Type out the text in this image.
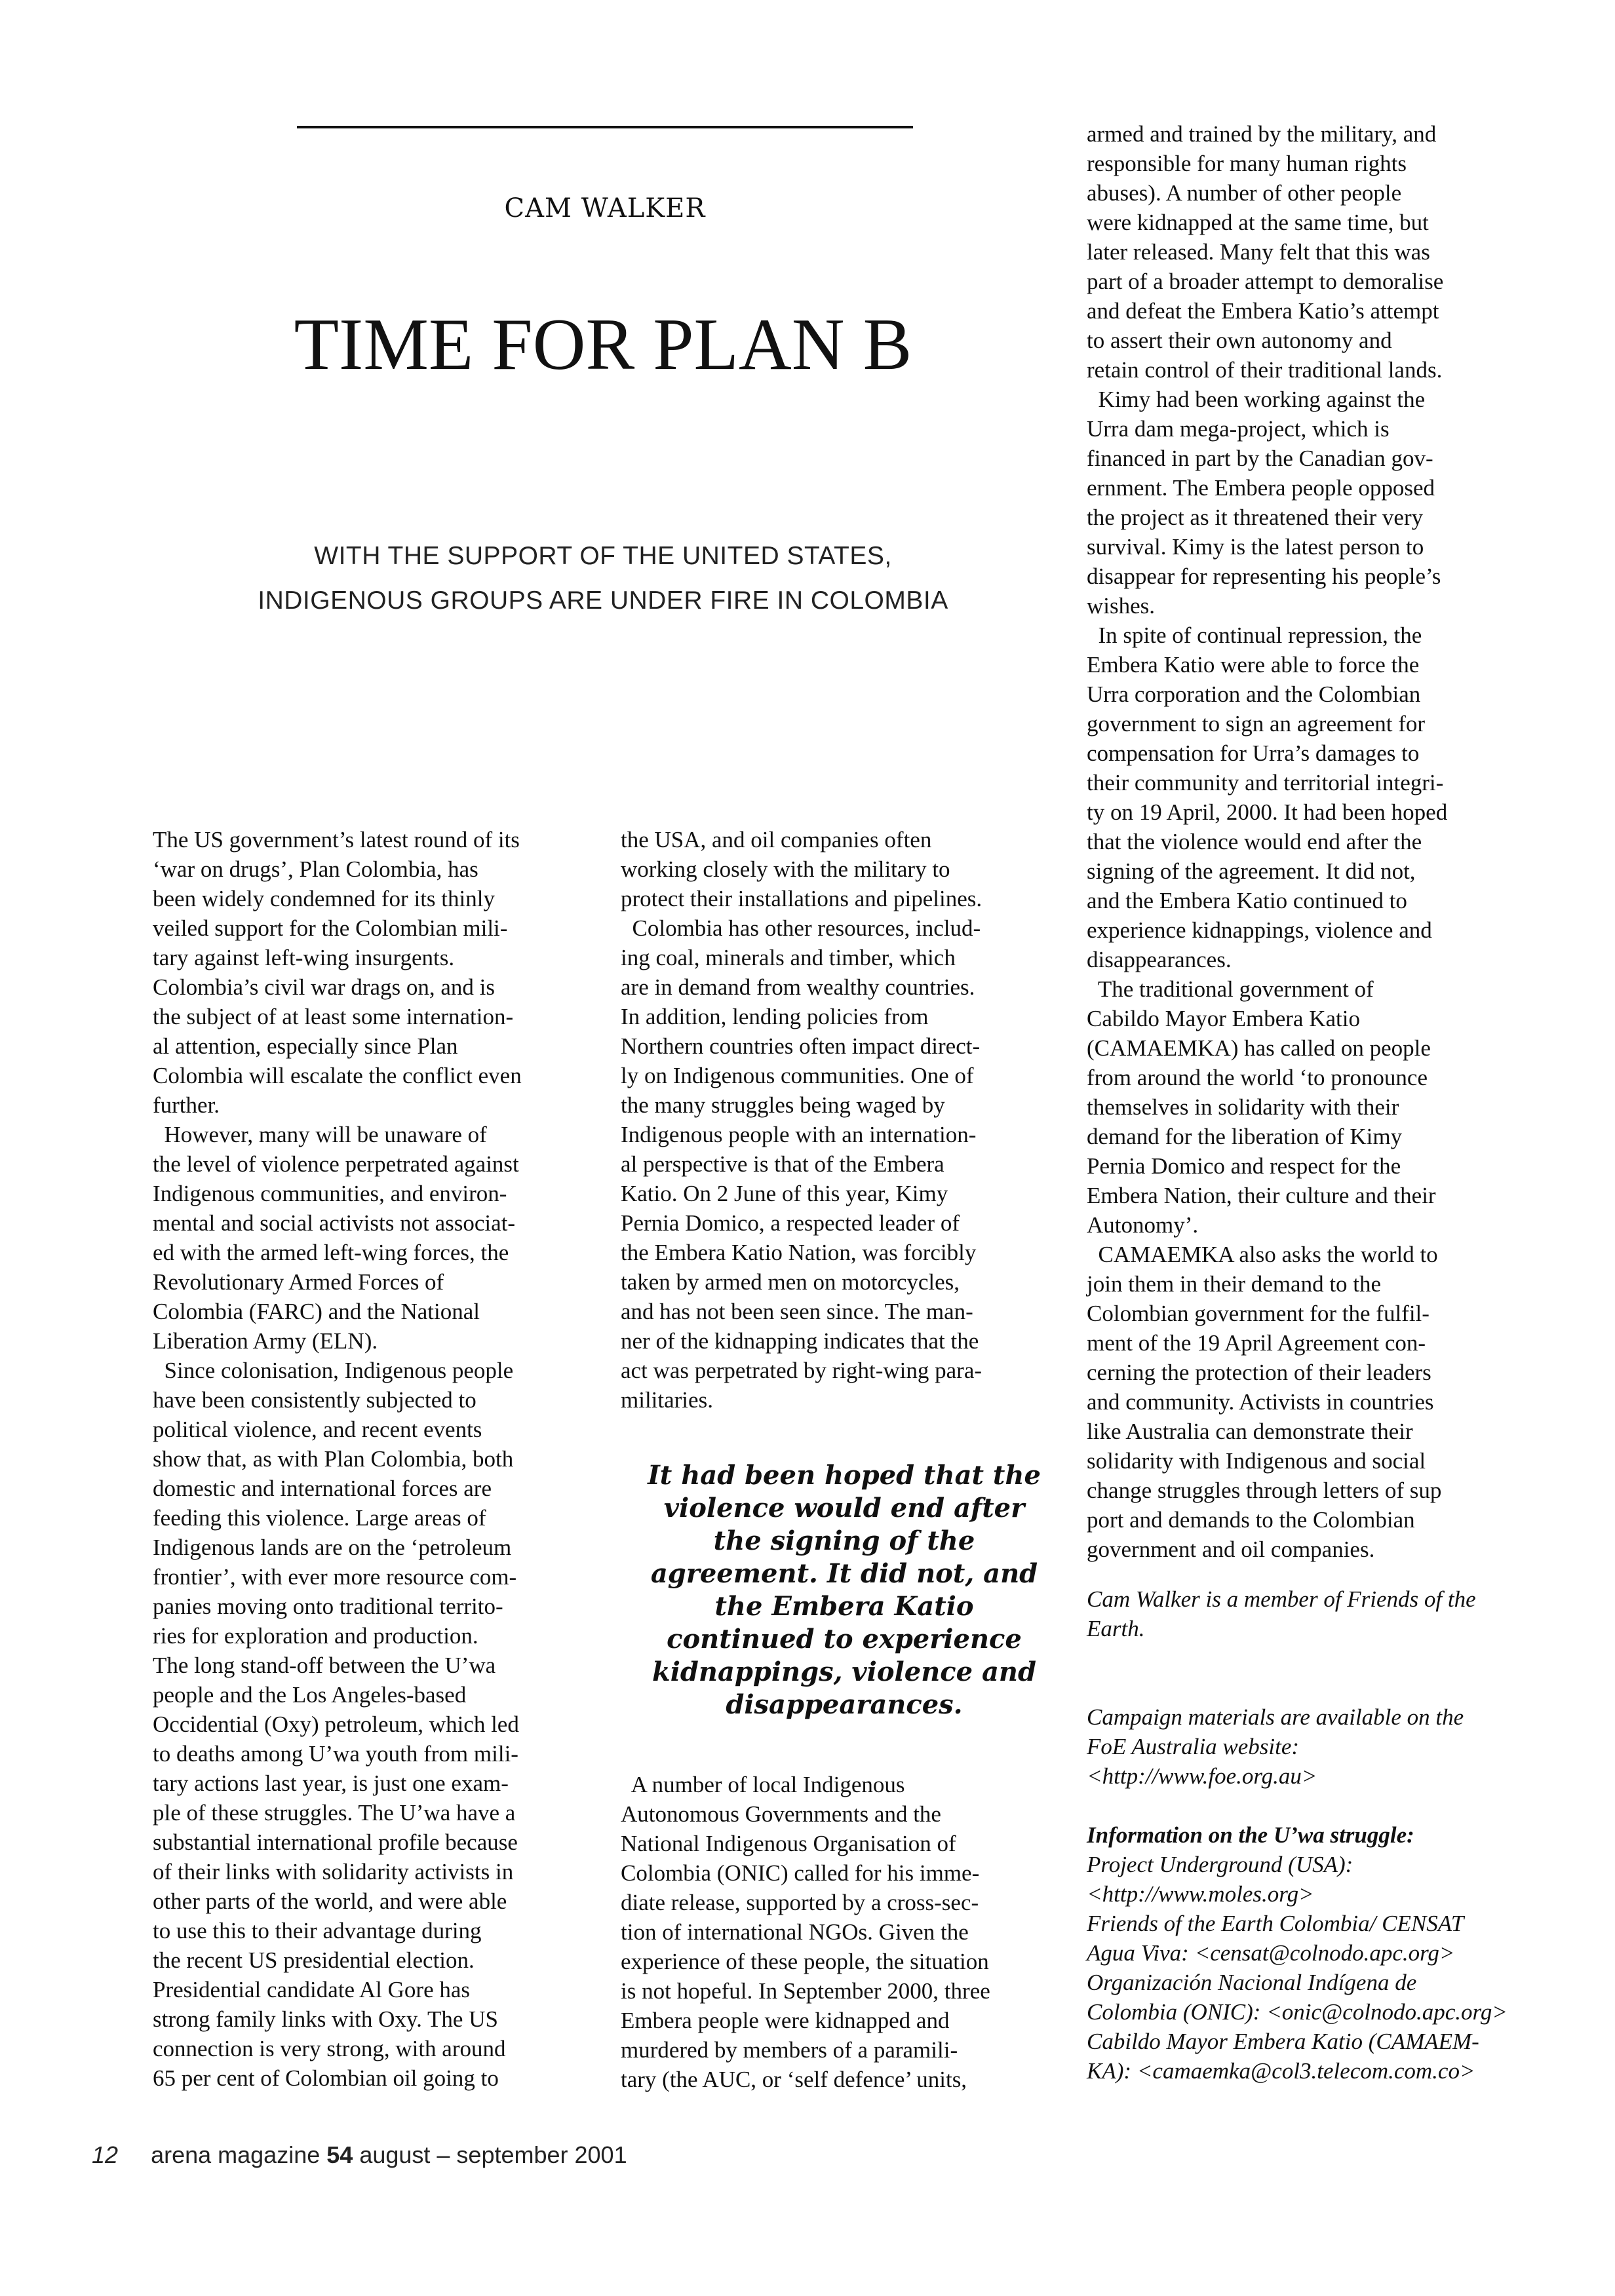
CAM WALKER
TIME FOR PLAN B
WITH THE SUPPORT OF THE UNITED STATES,
INDIGENOUS GROUPS ARE UNDER FIRE IN COLOMBIA
The US government’s latest round of its
‘war on drugs’, Plan Colombia, has
been widely condemned for its thinly
veiled support for the Colombian mili-
tary against left-wing insurgents.
Colombia’s civil war drags on, and is
the subject of at least some internation-
al attention, especially since Plan
Colombia will escalate the conflict even
further.
However, many will be unaware of
the level of violence perpetrated against
Indigenous communities, and environ-
mental and social activists not associat-
ed with the armed left-wing forces, the
Revolutionary Armed Forces of
Colombia (FARC) and the National
Liberation Army (ELN).
Since colonisation, Indigenous people
have been consistently subjected to
political violence, and recent events
show that, as with Plan Colombia, both
domestic and international forces are
feeding this violence. Large areas of
Indigenous lands are on the ‘petroleum
frontier’, with ever more resource com-
panies moving onto traditional territo-
ries for exploration and production.
The long stand-off between the U’wa
people and the Los Angeles-based
Occidential (Oxy) petroleum, which led
to deaths among U’wa youth from mili-
tary actions last year, is just one exam-
ple of these struggles. The U’wa have a
substantial international profile because
of their links with solidarity activists in
other parts of the world, and were able
to use this to their advantage during
the recent US presidential election.
Presidential candidate Al Gore has
strong family links with Oxy. The US
connection is very strong, with around
65 per cent of Colombian oil going to
the USA, and oil companies often
working closely with the military to
protect their installations and pipelines.
Colombia has other resources, includ-
ing coal, minerals and timber, which
are in demand from wealthy countries.
In addition, lending policies from
Northern countries often impact direct-
ly on Indigenous communities. One of
the many struggles being waged by
Indigenous people with an internation-
al perspective is that of the Embera
Katio. On 2 June of this year, Kimy
Pernia Domico, a respected leader of
the Embera Katio Nation, was forcibly
taken by armed men on motorcycles,
and has not been seen since. The man-
ner of the kidnapping indicates that the
act was perpetrated by right-wing para-
militaries.
It had been hoped that the
violence would end after
the signing of the
agreement. It did not, and
the Embera Katio
continued to experience
kidnappings, violence and
disappearances.
A number of local Indigenous
Autonomous Governments and the
National Indigenous Organisation of
Colombia (ONIC) called for his imme-
diate release, supported by a cross-sec-
tion of international NGOs. Given the
experience of these people, the situation
is not hopeful. In September 2000, three
Embera people were kidnapped and
murdered by members of a paramili-
tary (the AUC, or ‘self defence’ units,
armed and trained by the military, and
responsible for many human rights
abuses). A number of other people
were kidnapped at the same time, but
later released. Many felt that this was
part of a broader attempt to demoralise
and defeat the Embera Katio’s attempt
to assert their own autonomy and
retain control of their traditional lands.
Kimy had been working against the
Urra dam mega-project, which is
financed in part by the Canadian gov-
ernment. The Embera people opposed
the project as it threatened their very
survival. Kimy is the latest person to
disappear for representing his people’s
wishes.
In spite of continual repression, the
Embera Katio were able to force the
Urra corporation and the Colombian
government to sign an agreement for
compensation for Urra’s damages to
their community and territorial integri-
ty on 19 April, 2000. It had been hoped
that the violence would end after the
signing of the agreement. It did not,
and the Embera Katio continued to
experience kidnappings, violence and
disappearances.
The traditional government of
Cabildo Mayor Embera Katio
(CAMAEMKA) has called on people
from around the world ‘to pronounce
themselves in solidarity with their
demand for the liberation of Kimy
Pernia Domico and respect for the
Embera Nation, their culture and their
Autonomy’.
CAMAEMKA also asks the world to
join them in their demand to the
Colombian government for the fulfil-
ment of the 19 April Agreement con-
cerning the protection of their leaders
and community. Activists in countries
like Australia can demonstrate their
solidarity with Indigenous and social
change struggles through letters of sup
port and demands to the Colombian
government and oil companies.
Cam Walker is a member of Friends of the
Earth.
Campaign materials are available on the
FoE Australia website:
<http://www.foe.org.au>
Information on the U’wa struggle:
Project Underground (USA):
<http://www.moles.org>
Friends of the Earth Colombia/ CENSAT
Agua Viva: <censat@colnodo.apc.org>
Organización Nacional Indígena de
Colombia (ONIC): <onic@colnodo.apc.org>
Cabildo Mayor Embera Katio (CAMAEM-
KA): <camaemka@col3.telecom.com.co>
12 arena magazine 54 august – september 2001
